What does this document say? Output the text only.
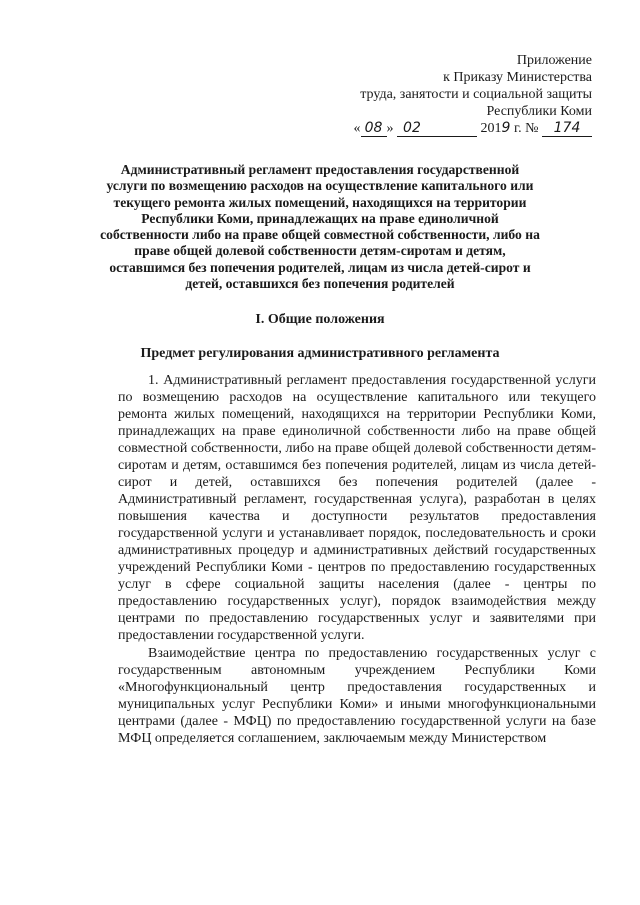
Приложение
к Приказу Министерства
труда, занятости и социальной защиты
Республики Коми
« 08 » 02	2019 г. № 174
Административный регламент предоставления государственной услуги по возмещению расходов на осуществление капитального или текущего ремонта жилых помещений, находящихся на территории Республики Коми, принадлежащих на праве единоличной собственности либо на праве общей совместной собственности, либо на праве общей долевой собственности детям-сиротам и детям, оставшимся без попечения родителей, лицам из числа детей-сирот и детей, оставшихся без попечения родителей
I. Общие положения
Предмет регулирования административного регламента

1. Административный регламент предоставления государственной услуги по возмещению расходов на осуществление капитального или текущего ремонта жилых помещений, находящихся на территории Республики Коми, принадлежащих на праве единоличной собственности либо на праве общей совместной собственности, либо на праве общей долевой собственности детям-сиротам и детям, оставшимся без попечения родителей, лицам из числа детей-сирот и детей, оставшихся без попечения родителей (далее - Административный регламент, государственная услуга), разработан в целях повышения качества и доступности результатов предоставления государственной услуги и устанавливает порядок, последовательность и сроки административных процедур и административных действий государственных учреждений Республики Коми - центров по предоставлению государственных услуг в сфере социальной защиты населения (далее - центры по предоставлению государственных услуг), порядок взаимодействия между центрами по предоставлению государственных услуг и заявителями при предоставлении государственной услуги.

Взаимодействие центра по предоставлению государственных услуг с государственным автономным учреждением Республики Коми «Многофункциональный центр предоставления государственных и муниципальных услуг Республики Коми» и иными многофункциональными центрами (далее - МФЦ) по предоставлению государственной услуги на базе МФЦ определяется соглашением, заключаемым между Министерством
